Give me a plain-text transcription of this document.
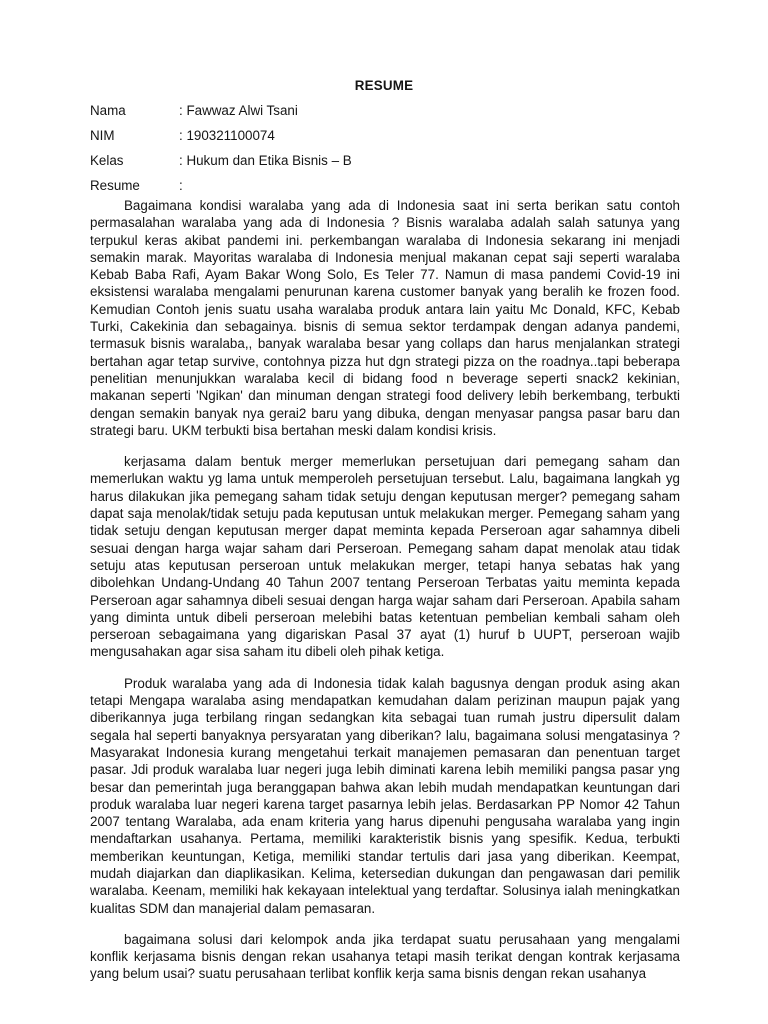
RESUME
Nama	: Fawwaz Alwi Tsani
NIM	: 190321100074
Kelas	: Hukum dan Etika Bisnis – B
Resume	:

Bagaimana kondisi waralaba yang ada di Indonesia saat ini serta berikan satu contoh permasalahan waralaba yang ada di Indonesia ? Bisnis waralaba adalah salah satunya yang terpukul keras akibat pandemi ini. perkembangan waralaba di Indonesia sekarang ini menjadi semakin marak. Mayoritas waralaba di Indonesia menjual makanan cepat saji seperti waralaba Kebab Baba Rafi, Ayam Bakar Wong Solo, Es Teler 77. Namun di masa pandemi Covid-19 ini eksistensi waralaba mengalami penurunan karena customer banyak yang beralih ke frozen food. Kemudian Contoh jenis suatu usaha waralaba produk antara lain yaitu Mc Donald, KFC, Kebab Turki, Cakekinia dan sebagainya. bisnis di semua sektor terdampak dengan adanya pandemi, termasuk bisnis waralaba,, banyak waralaba besar yang collaps dan harus menjalankan strategi bertahan agar tetap survive, contohnya pizza hut dgn strategi pizza on the roadnya..tapi beberapa penelitian menunjukkan waralaba kecil di bidang food n beverage seperti snack2 kekinian, makanan seperti 'Ngikan' dan minuman dengan strategi food delivery lebih berkembang, terbukti dengan semakin banyak nya gerai2 baru yang dibuka, dengan menyasar pangsa pasar baru dan strategi baru. UKM terbukti bisa bertahan meski dalam kondisi krisis.

kerjasama dalam bentuk merger memerlukan persetujuan dari pemegang saham dan memerlukan waktu yg lama untuk memperoleh persetujuan tersebut. Lalu, bagaimana langkah yg harus dilakukan jika pemegang saham tidak setuju dengan keputusan merger? pemegang saham dapat saja menolak/tidak setuju pada keputusan untuk melakukan merger. Pemegang saham yang tidak setuju dengan keputusan merger dapat meminta kepada Perseroan agar sahamnya dibeli sesuai dengan harga wajar saham dari Perseroan. Pemegang saham dapat menolak atau tidak setuju atas keputusan perseroan untuk melakukan merger, tetapi hanya sebatas hak yang dibolehkan Undang-Undang 40 Tahun 2007 tentang Perseroan Terbatas yaitu meminta kepada Perseroan agar sahamnya dibeli sesuai dengan harga wajar saham dari Perseroan. Apabila saham yang diminta untuk dibeli perseroan melebihi batas ketentuan pembelian kembali saham oleh perseroan sebagaimana yang digariskan Pasal 37 ayat (1) huruf b UUPT, perseroan wajib mengusahakan agar sisa saham itu dibeli oleh pihak ketiga.

Produk waralaba yang ada di Indonesia tidak kalah bagusnya dengan produk asing akan tetapi Mengapa waralaba asing mendapatkan kemudahan dalam perizinan maupun pajak yang diberikannya juga terbilang ringan sedangkan kita sebagai tuan rumah justru dipersulit dalam segala hal seperti banyaknya persyaratan yang diberikan? lalu, bagaimana solusi mengatasinya ? Masyarakat Indonesia kurang mengetahui terkait manajemen pemasaran dan penentuan target pasar. Jdi produk waralaba luar negeri juga lebih diminati karena lebih memiliki pangsa pasar yng besar dan pemerintah juga beranggapan bahwa akan lebih mudah mendapatkan keuntungan dari produk waralaba luar negeri karena target pasarnya lebih jelas. Berdasarkan PP Nomor 42 Tahun 2007 tentang Waralaba, ada enam kriteria yang harus dipenuhi pengusaha waralaba yang ingin mendaftarkan usahanya. Pertama, memiliki karakteristik bisnis yang spesifik. Kedua, terbukti memberikan keuntungan, Ketiga, memiliki standar tertulis dari jasa yang diberikan. Keempat, mudah diajarkan dan diaplikasikan. Kelima, ketersedian dukungan dan pengawasan dari pemilik waralaba. Keenam, memiliki hak kekayaan intelektual yang terdaftar. Solusinya ialah meningkatkan kualitas SDM dan manajerial dalam pemasaran.

bagaimana solusi dari kelompok anda jika terdapat suatu perusahaan yang mengalami konflik kerjasama bisnis dengan rekan usahanya tetapi masih terikat dengan kontrak kerjasama yang belum usai? suatu perusahaan terlibat konflik kerja sama bisnis dengan rekan usahanya
